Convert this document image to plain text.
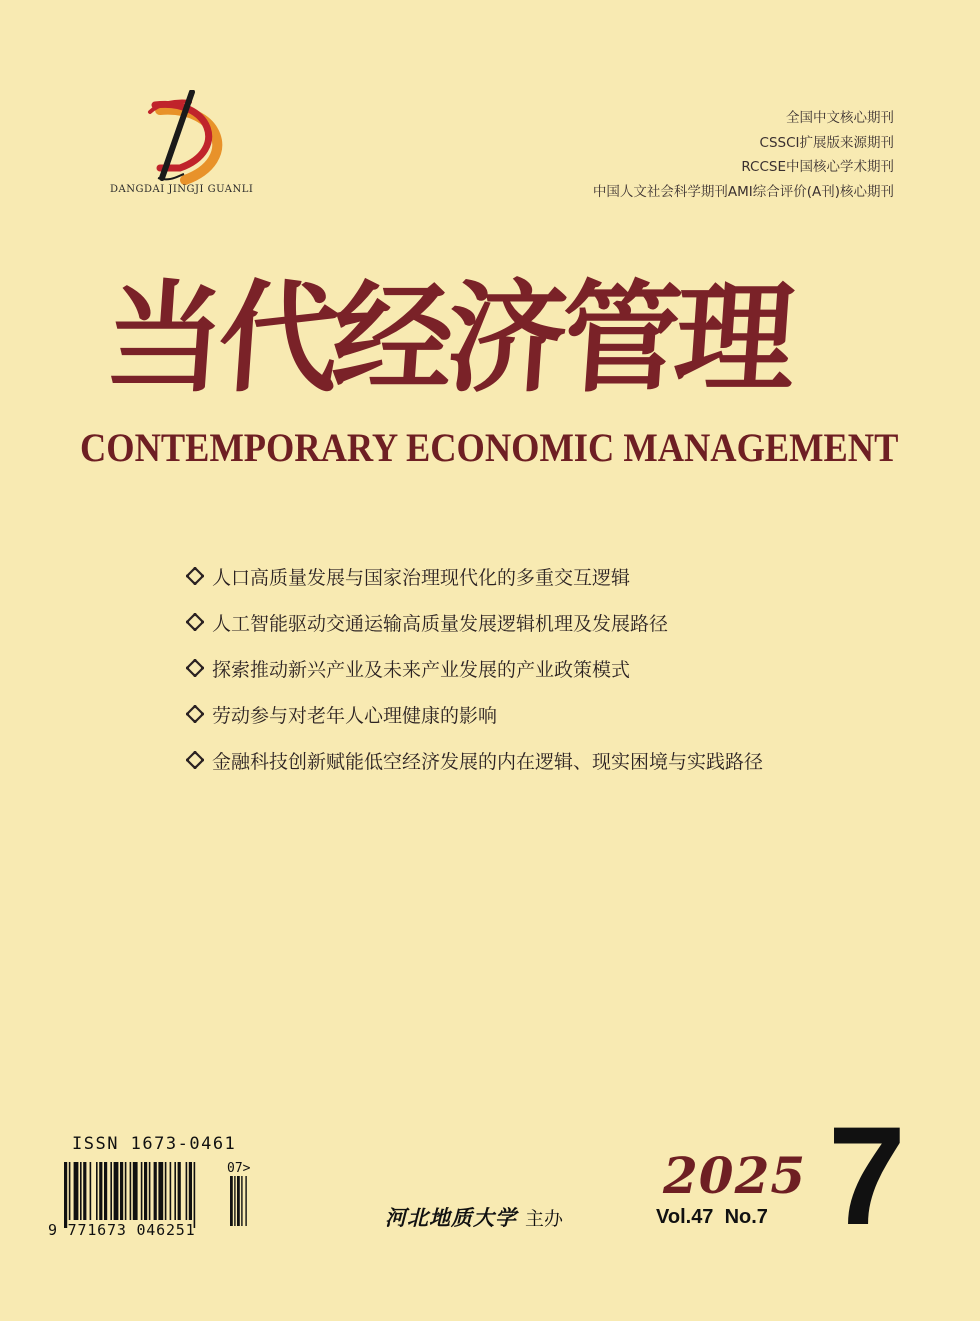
DANGDAI JINGJI GUANLI
全国中文核心期刊
CSSCI扩展版来源期刊
RCCSE中国核心学术期刊
中国人文社会科学期刊AMI综合评价(A刊)核心期刊
当代经济管理
CONTEMPORARY ECONOMIC MANAGEMENT
人口高质量发展与国家治理现代化的多重交互逻辑
人工智能驱动交通运输高质量发展逻辑机理及发展路径
探索推动新兴产业及未来产业发展的产业政策模式
劳动参与对老年人心理健康的影响
金融科技创新赋能低空经济发展的内在逻辑、现实困境与实践路径
ISSN 1673-0461
07>
9 771673 046251	河北地质大学 主办
2025
Vol.47 No.7 7
